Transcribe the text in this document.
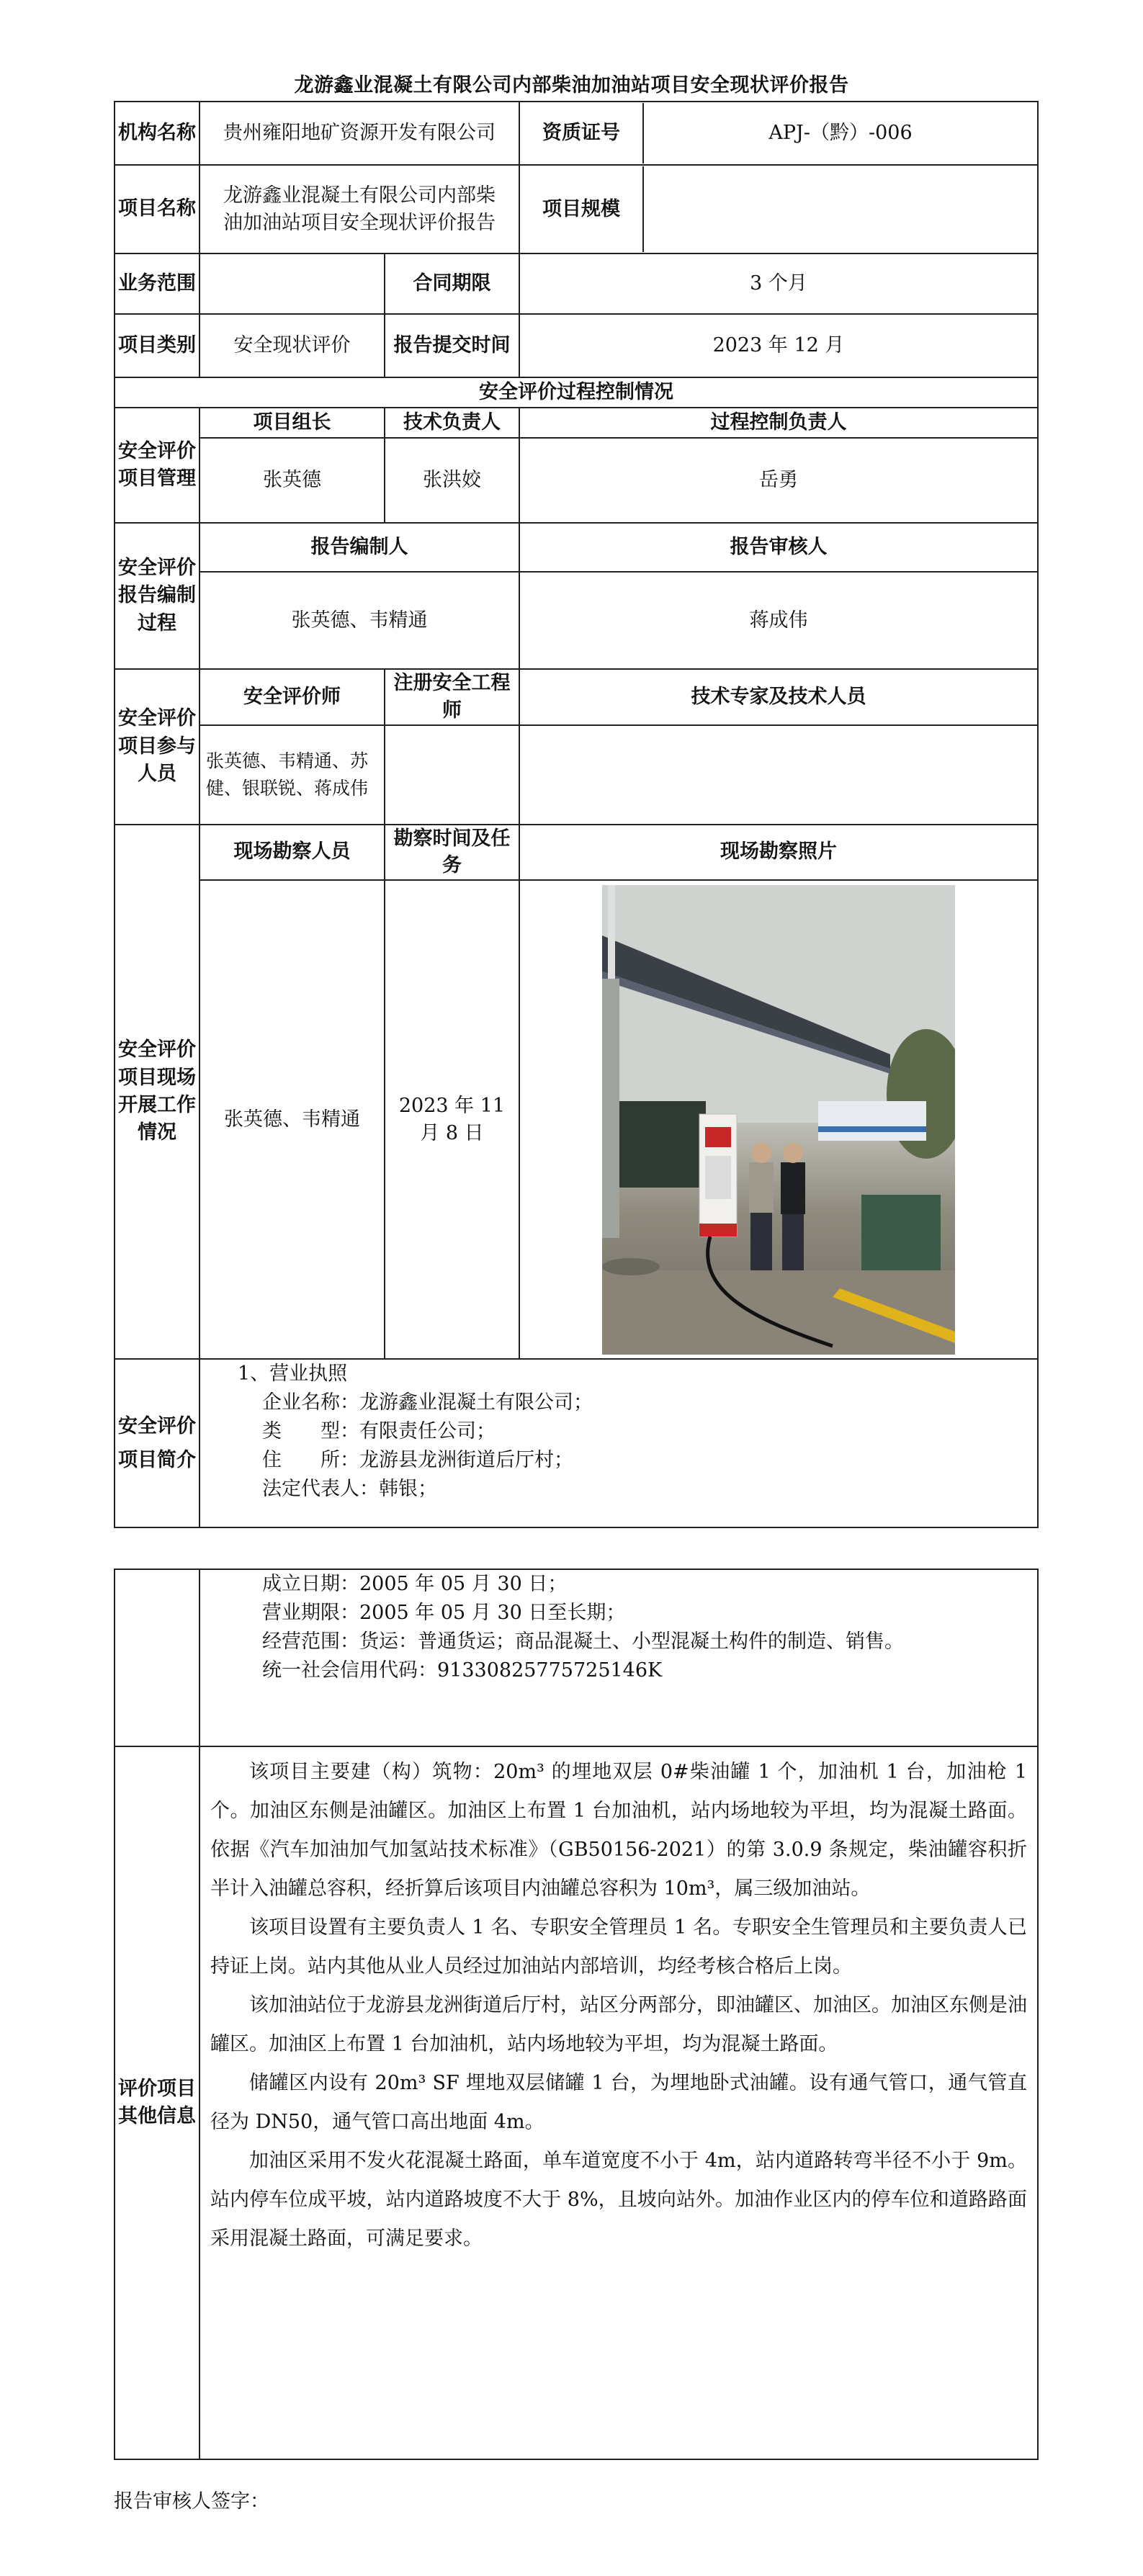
龙游鑫业混凝土有限公司内部柴油加油站项目安全现状评价报告
机构名称	贵州雍阳地矿资源开发有限公司		资质证号 APJ-（黔）-006

项目名称	龙游鑫业混凝土有限公司内部柴油加油站项目安全现状评价报告		项目规模

业务范围		合同期限	3 个月
项目类别	安全现状评价	报告提交时间	2023 年 12 月
安全评价过程控制情况			
安全评价项目管理	项目组长	技术负责人	过程控制负责人
	张英德	张洪姣	岳勇
安全评价报告编制过程	报告编制人		报告审核人
	张英德、韦精通		蒋成伟
安全评价项目参与人员	安全评价师	注册安全工程师	技术专家及技术人员
	张英德、韦精通、苏健、银联锐、蒋成伟		
安全评价项目现场开展工作情况	现场勘察人员	勘察时间及任务	现场勘察照片
	张英德、韦精通	2023 年 11 月 8 日	
安全评价项目简介	1、营业执照
企业名称：龙游鑫业混凝土有限公司；
类　　型：有限责任公司；
住　　所：龙游县龙洲街道后厅村；
法定代表人：韩银；		

	成立日期：2005 年 05 月 30 日；
营业期限：2005 年 05 月 30 日至长期；
经营范围：货运：普通货运；商品混凝土、小型混凝土构件的制造、销售。
统一社会信用代码：91330825775725146K

评价项目其他信息	该项目主要建（构）筑物：20m³ 的埋地双层 0#柴油罐 1 个，加油机 1 台，加油枪 1 个。加油区东侧是油罐区。加油区上布置 1 台加油机，站内场地较为平坦，均为混凝土路面。依据《汽车加油加气加氢站技术标准》（GB50156-2021）的第 3.0.9 条规定，柴油罐容积折半计入油罐总容积，经折算后该项目内油罐总容积为 10m³，属三级加油站。

该项目设置有主要负责人 1 名、专职安全管理员 1 名。专职安全生管理员和主要负责人已持证上岗。站内其他从业人员经过加油站内部培训，均经考核合格后上岗。

该加油站位于龙游县龙洲街道后厅村，站区分两部分，即油罐区、加油区。加油区东侧是油罐区。加油区上布置 1 台加油机，站内场地较为平坦，均为混凝土路面。

储罐区内设有 20m³ SF 埋地双层储罐 1 台，为埋地卧式油罐。设有通气管口，通气管直径为 DN50，通气管口高出地面 4m。

加油区采用不发火花混凝土路面，单车道宽度不小于 4m，站内道路转弯半径不小于 9m。站内停车位成平坡，站内道路坡度不大于 8%，且坡向站外。加油作业区内的停车位和道路路面采用混凝土路面，可满足要求。

报告审核人签字：
